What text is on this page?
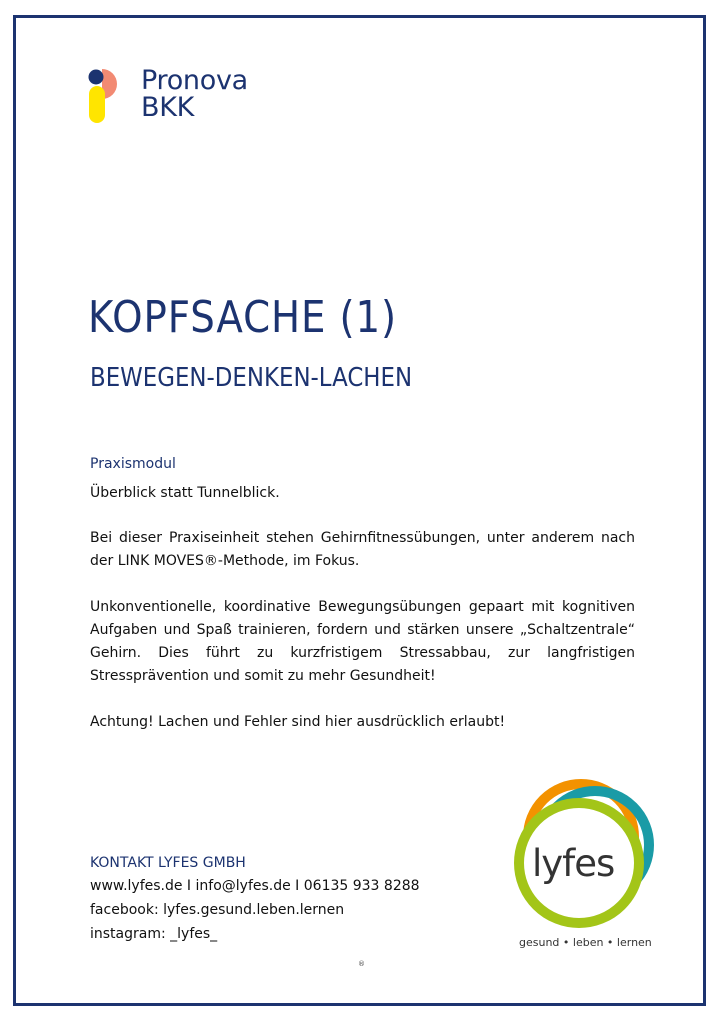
Pronova
BKK
KOPFSACHE (1)
BEWEGEN-DENKEN-LACHEN
Praxismodul

Überblick statt Tunnelblick.

Bei dieser Praxiseinheit stehen Gehirnfitnessübungen, unter anderem nach der LINK MOVES®-Methode, im Fokus.

Unkonventionelle, koordinative Bewegungsübungen gepaart mit kognitiven Aufgaben und Spaß trainieren, fordern und stärken unsere „Schaltzentrale“ Gehirn. Dies führt zu kurzfristigem Stressabbau, zur langfristigen Stressprävention und somit zu mehr Gesundheit!

Achtung! Lachen und Fehler sind hier ausdrücklich erlaubt!

KONTAKT LYFES GMBH
www.lyfes.de I info@lyfes.de I 06135 933 8288
facebook: lyfes.gesund.leben.lernen
instagram: _lyfes_
lyfes
gesund • leben • lernen
®
